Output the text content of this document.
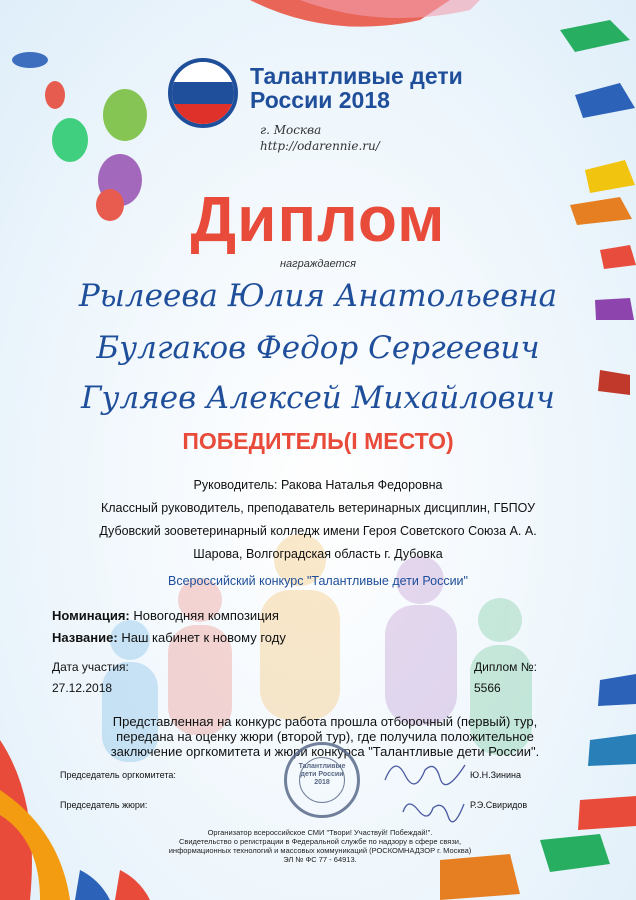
Талантливые дети
России 2018
г. Москва
http://odarennie.ru/
Диплом
награждается
Рылеева Юлия Анатольевна
Булгаков Федор Сергеевич
Гуляев Алексей Михайлович
ПОБЕДИТЕЛЬ(I МЕСТО)
Руководитель: Ракова Наталья Федоровна
Классный руководитель, преподаватель ветеринарных дисциплин, ГБПОУ
Дубовский зооветеринарный колледж имени Героя Советского Союза А. А.
Шарова, Волгоградская область г. Дубовка
Всероссийский конкурс "Талантливые дети России"
Номинация: Новогодняя композиция
Название: Наш кабинет к новому году
Дата участия:
27.12.2018
Диплом №:
5566
Представленная на конкурс работа прошла отборочный (первый) тур,
передана на оценку жюри (второй тур), где получила положительное
заключение оргкомитета и жюри конкурса "Талантливые дети России".
Талантливые
дети России
2018
Председатель оргкомитета:	Ю.Н.Зинина
Председатель жюри:	Р.Э.Свиридов
Организатор всероссийское СМИ "Твори! Участвуй! Побеждай!".
Свидетельство о регистрации в Федеральной службе по надзору в сфере связи,
информационных технологий и массовых коммуникаций (РОСКОМНАДЗОР г. Москва)
ЭЛ № ФС 77 - 64913.
